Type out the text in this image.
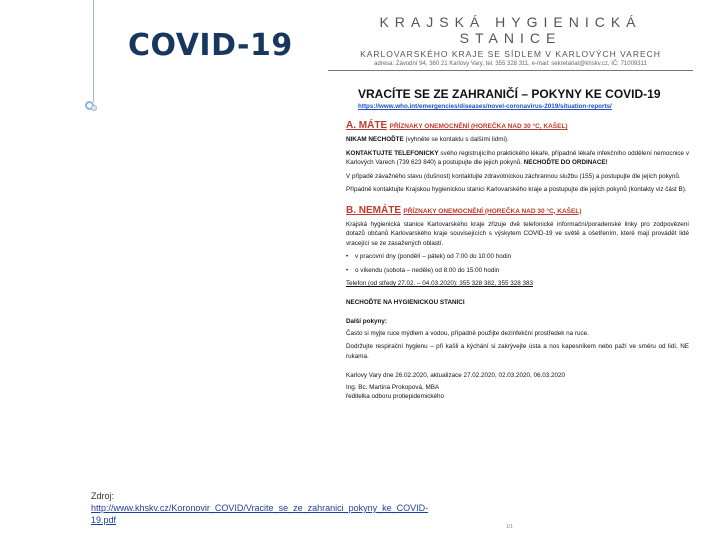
COVID-19
Zdroj:
http://www.khskv.cz/Koronovir_COVID/Vracite_se_ze_zahranici_pokyny_ke_COVID-19.pdf
KRAJSKÁ HYGIENICKÁ STANICE
KARLOVARSKÉHO KRAJE SE SÍDLEM V KARLOVÝCH VARECH
adresa: Závodní 94, 360 21 Karlovy Vary, tel. 355 328 311, e-mail: sekretariat@khskv.cz, IČ: 71009311
VRACÍTE SE ZE ZAHRANIČÍ – POKYNY KE COVID-19
https://www.who.int/emergencies/diseases/novel-coronavirus-2019/situation-reports/
A. MÁTE PŘÍZNAKY ONEMOCNĚNÍ (HOREČKA NAD 30 °C, KAŠEL)
NIKAM NECHOĎTE (vyhněte se kontaktu s dalšími lidmi).
KONTAKTUJTE TELEFONICKY svého registrujícího praktického lékaře, případně lékaře infekčního oddělení nemocnice v Karlových Varech (739 623 840) a postupujte dle jejich pokynů. NECHOĎTE DO ORDINACE!
V případě závažného stavu (dušnost) kontaktujte zdravotnickou záchrannou službu (155) a postupujte dle jejích pokynů.
Případně kontaktujte Krajskou hygienickou stanici Karlovarského kraje a postupujte dle jejích pokynů (kontakty viz část B).
B. NEMÁTE PŘÍZNAKY ONEMOCNĚNÍ (HOREČKA NAD 30 °C, KAŠEL)
Krajská hygienická stanice Karlovarského kraje zřizuje dvě telefonické informační/poradenské linky pro zodpovězení dotazů občanů Karlovarského kraje souvisejících s výskytem COVID-19 ve světě a ošetřením, které mají provádět lidé vracející se ze zasažených oblastí.
• v pracovní dny (pondělí – pátek) od 7:00 do 10:00 hodin
• o víkendu (sobota – neděle) od 8:00 do 15:00 hodin
Telefon (od středy 27.02. – 04.03.2020): 355 328 382, 355 328 383
NECHOĎTE NA HYGIENICKOU STANICI
Další pokyny:
Často si myjte ruce mýdlem a vodou, případně použijte dezinfekční prostředek na ruce.
Dodržujte respirační hygienu – při kašli a kýchání si zakrývejte ústa a nos kapesníkem nebo paží ve směru od lidí, NE rukama.
Karlovy Vary dne 26.02.2020, aktualizace 27.02.2020, 02.03.2020, 06.03.2020
Ing. Bc. Martina Prokopová, MBA
ředitelka odboru protiepidemického
1/1
